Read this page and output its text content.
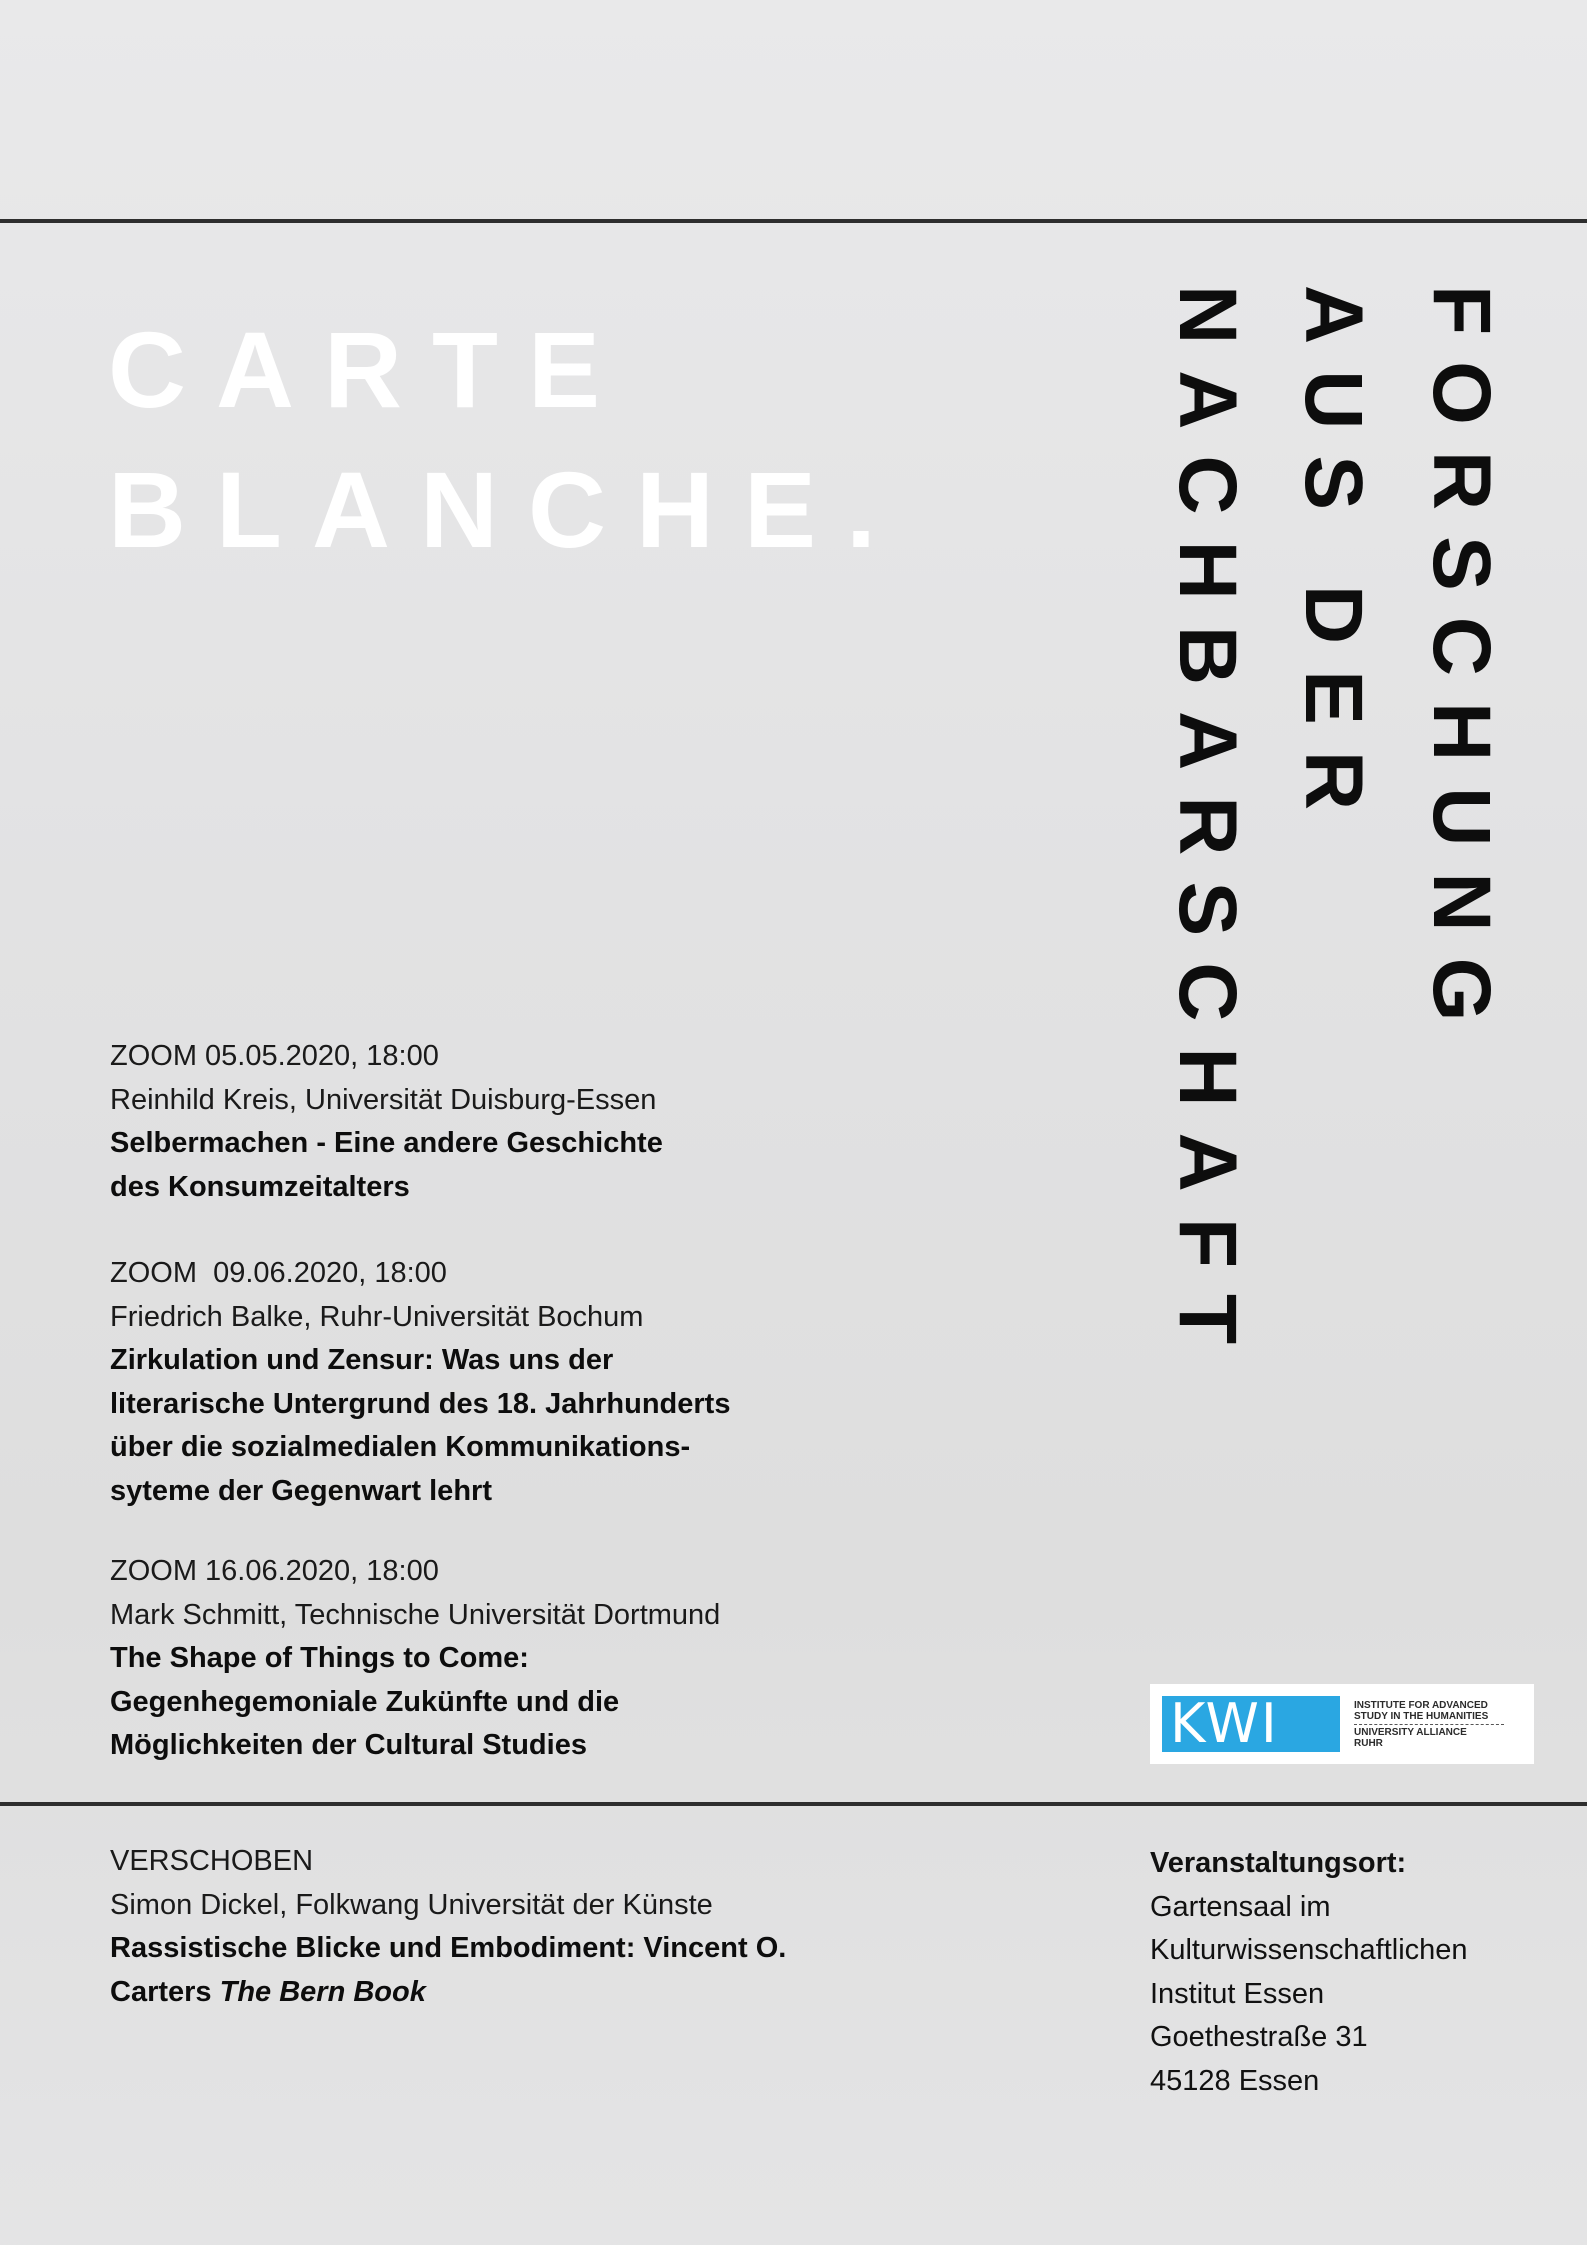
CARTE
BLANCHE.	FORSCHUNG
AUS DER
NACHBARSCHAFT
ZOOM 05.05.2020, 18:00
Reinhild Kreis, Universität Duisburg-Essen
Selbermachen - Eine andere Geschichte
des Konsumzeitalters
ZOOM  09.06.2020, 18:00
Friedrich Balke, Ruhr-Universität Bochum
Zirkulation und Zensur: Was uns der
literarische Untergrund des 18. Jahrhunderts
über die sozialmedialen Kommunikations-
syteme der Gegenwart lehrt
ZOOM 16.06.2020, 18:00
Mark Schmitt, Technische Universität Dortmund
The Shape of Things to Come:
Gegenhegemoniale Zukünfte und die
Möglichkeiten der Cultural Studies
VERSCHOBEN
Simon Dickel, Folkwang Universität der Künste
Rassistische Blicke und Embodiment: Vincent O.
Carters The Bern Book
KWI	INSTITUTE FOR ADVANCED
STUDY IN THE HUMANITIES
UNIVERSITY ALLIANCE
RUHR
Veranstaltungsort:
Gartensaal im
Kulturwissenschaftlichen
Institut Essen
Goethestraße 31
45128 Essen
